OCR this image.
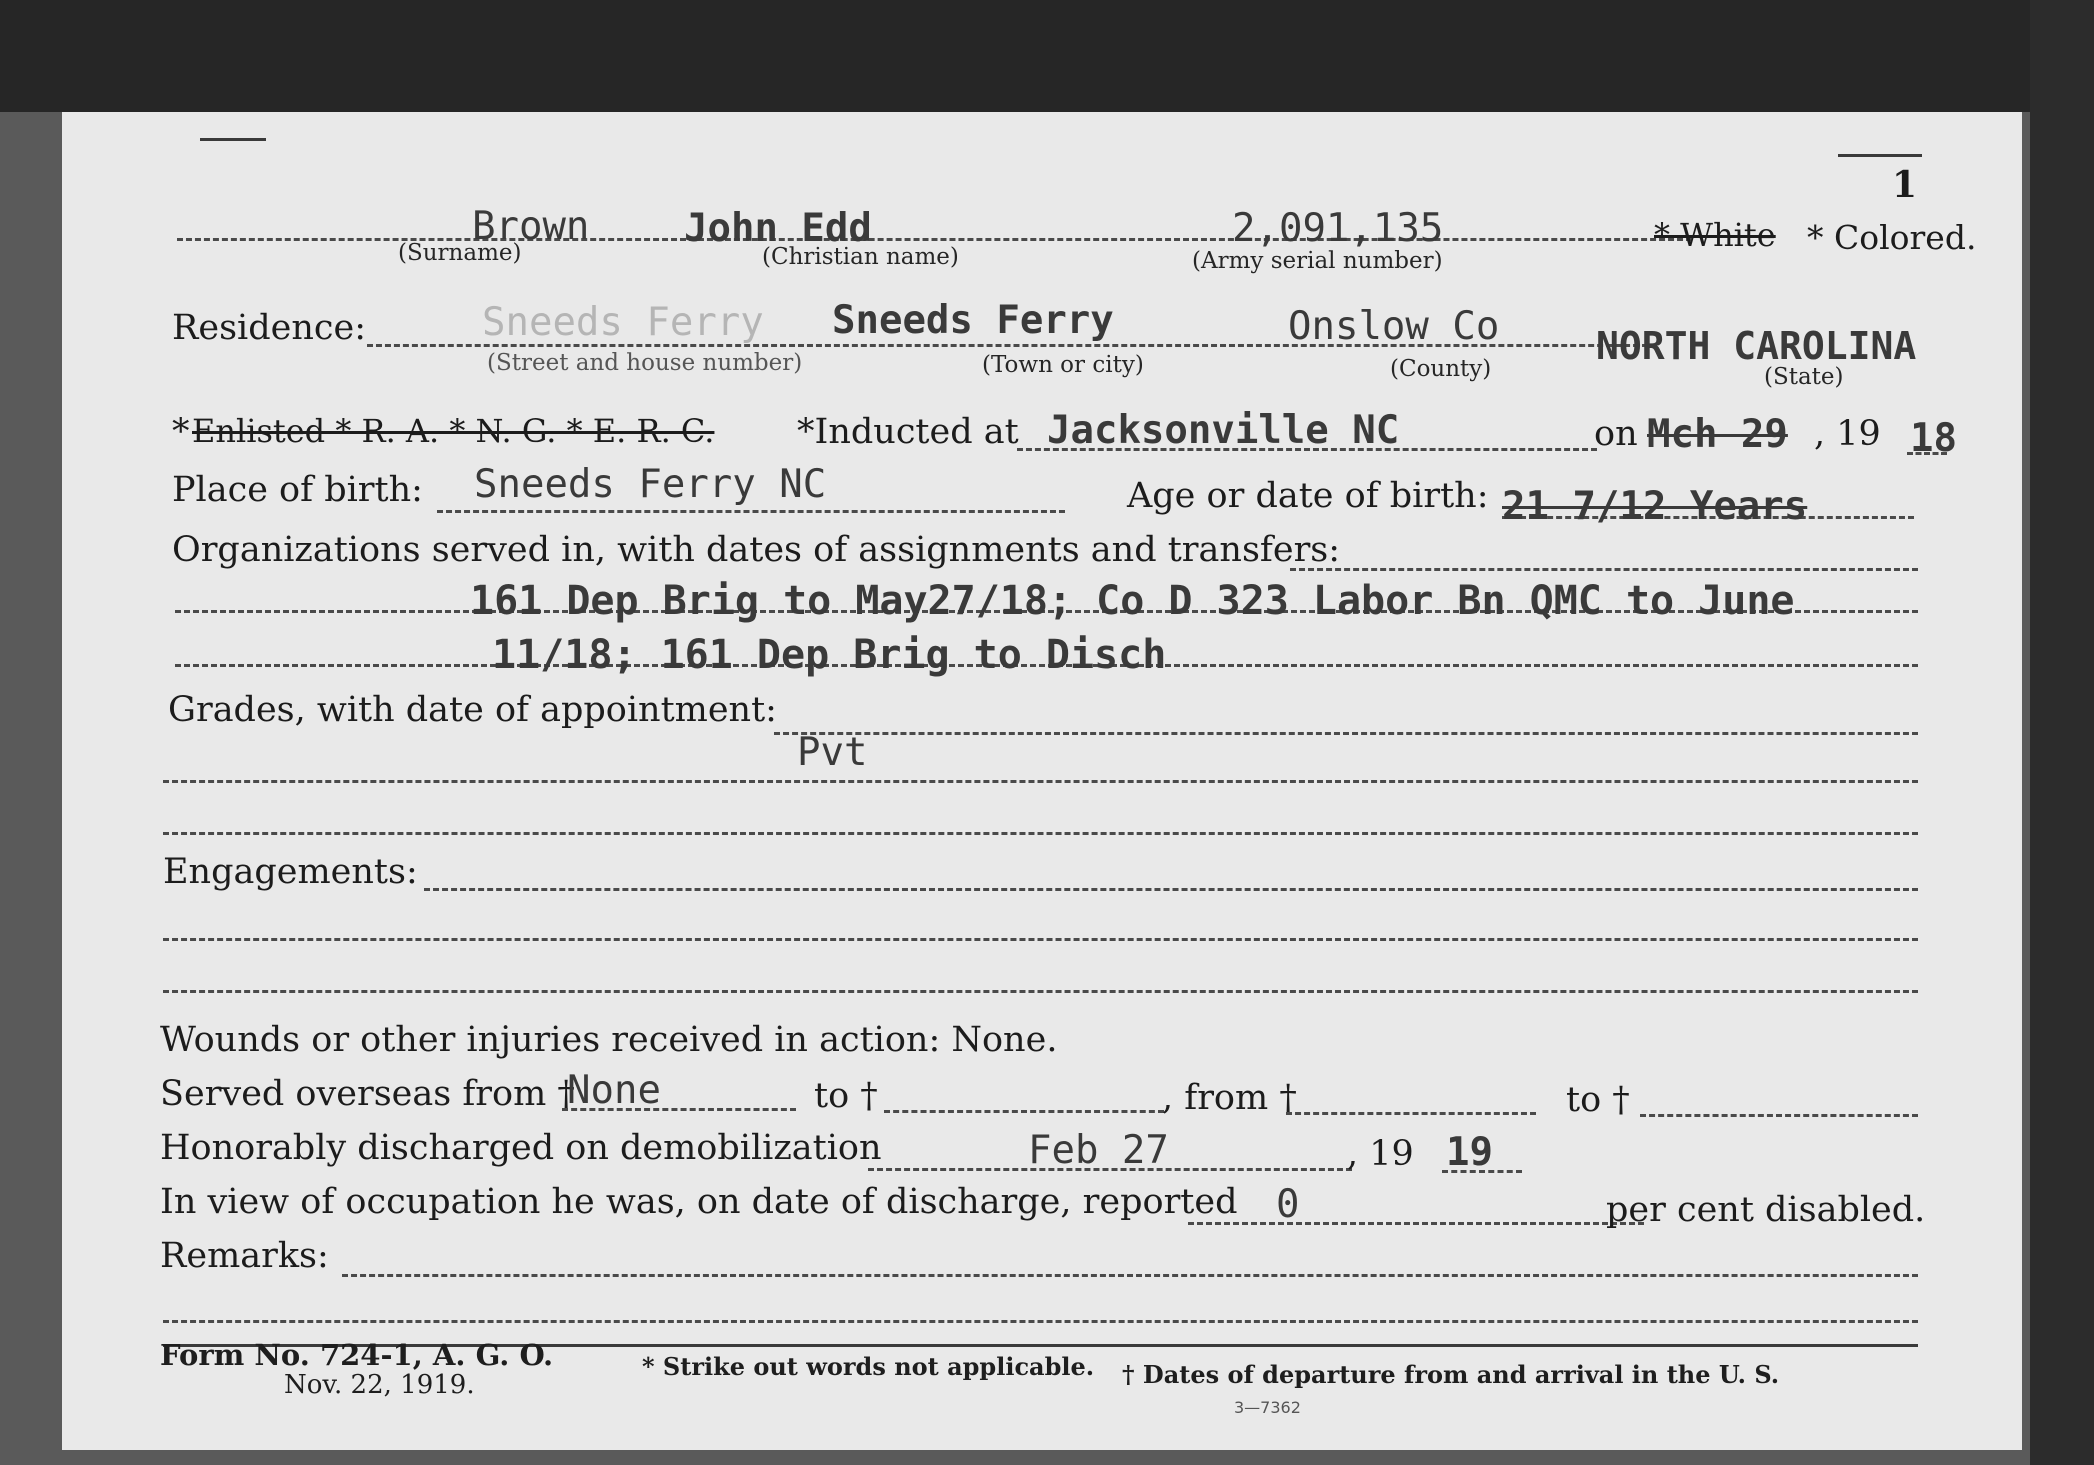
1
Brown John Edd	2,091,135
(Surname)	(Christian name)	(Army serial number)
* White * Colored.
Residence:	Sneeds Ferry Sneeds Ferry	Onslow Co	NORTH CAROLINA
(Street and house number)	(Town or city)	(County)	(State)
* Enlisted * R. A. * N. G. * E. R. C. *Inducted at Jacksonville NC	on Mch 29 , 19 18
Place of birth: Sneeds Ferry NC	Age or date of birth: 21 7/12 Years
Organizations served in, with dates of assignments and transfers:
161 Dep Brig to May27/18; Co D 323 Labor Bn QMC to June
11/18; 161 Dep Brig to Disch
Grades, with date of appointment:
Pvt
Engagements:
Wounds or other injuries received in action: None.
Served overseas from †
None	to †	, from †	to †
Honorably discharged on demobilization	Feb 27	, 19 19
In view of occupation he was, on date of discharge, reported 0	per cent disabled.
Remarks:
Form No. 724-1, A. G. O.
Nov. 22, 1919.
* Strike out words not applicable. † Dates of departure from and arrival in the U. S.
3—7362
